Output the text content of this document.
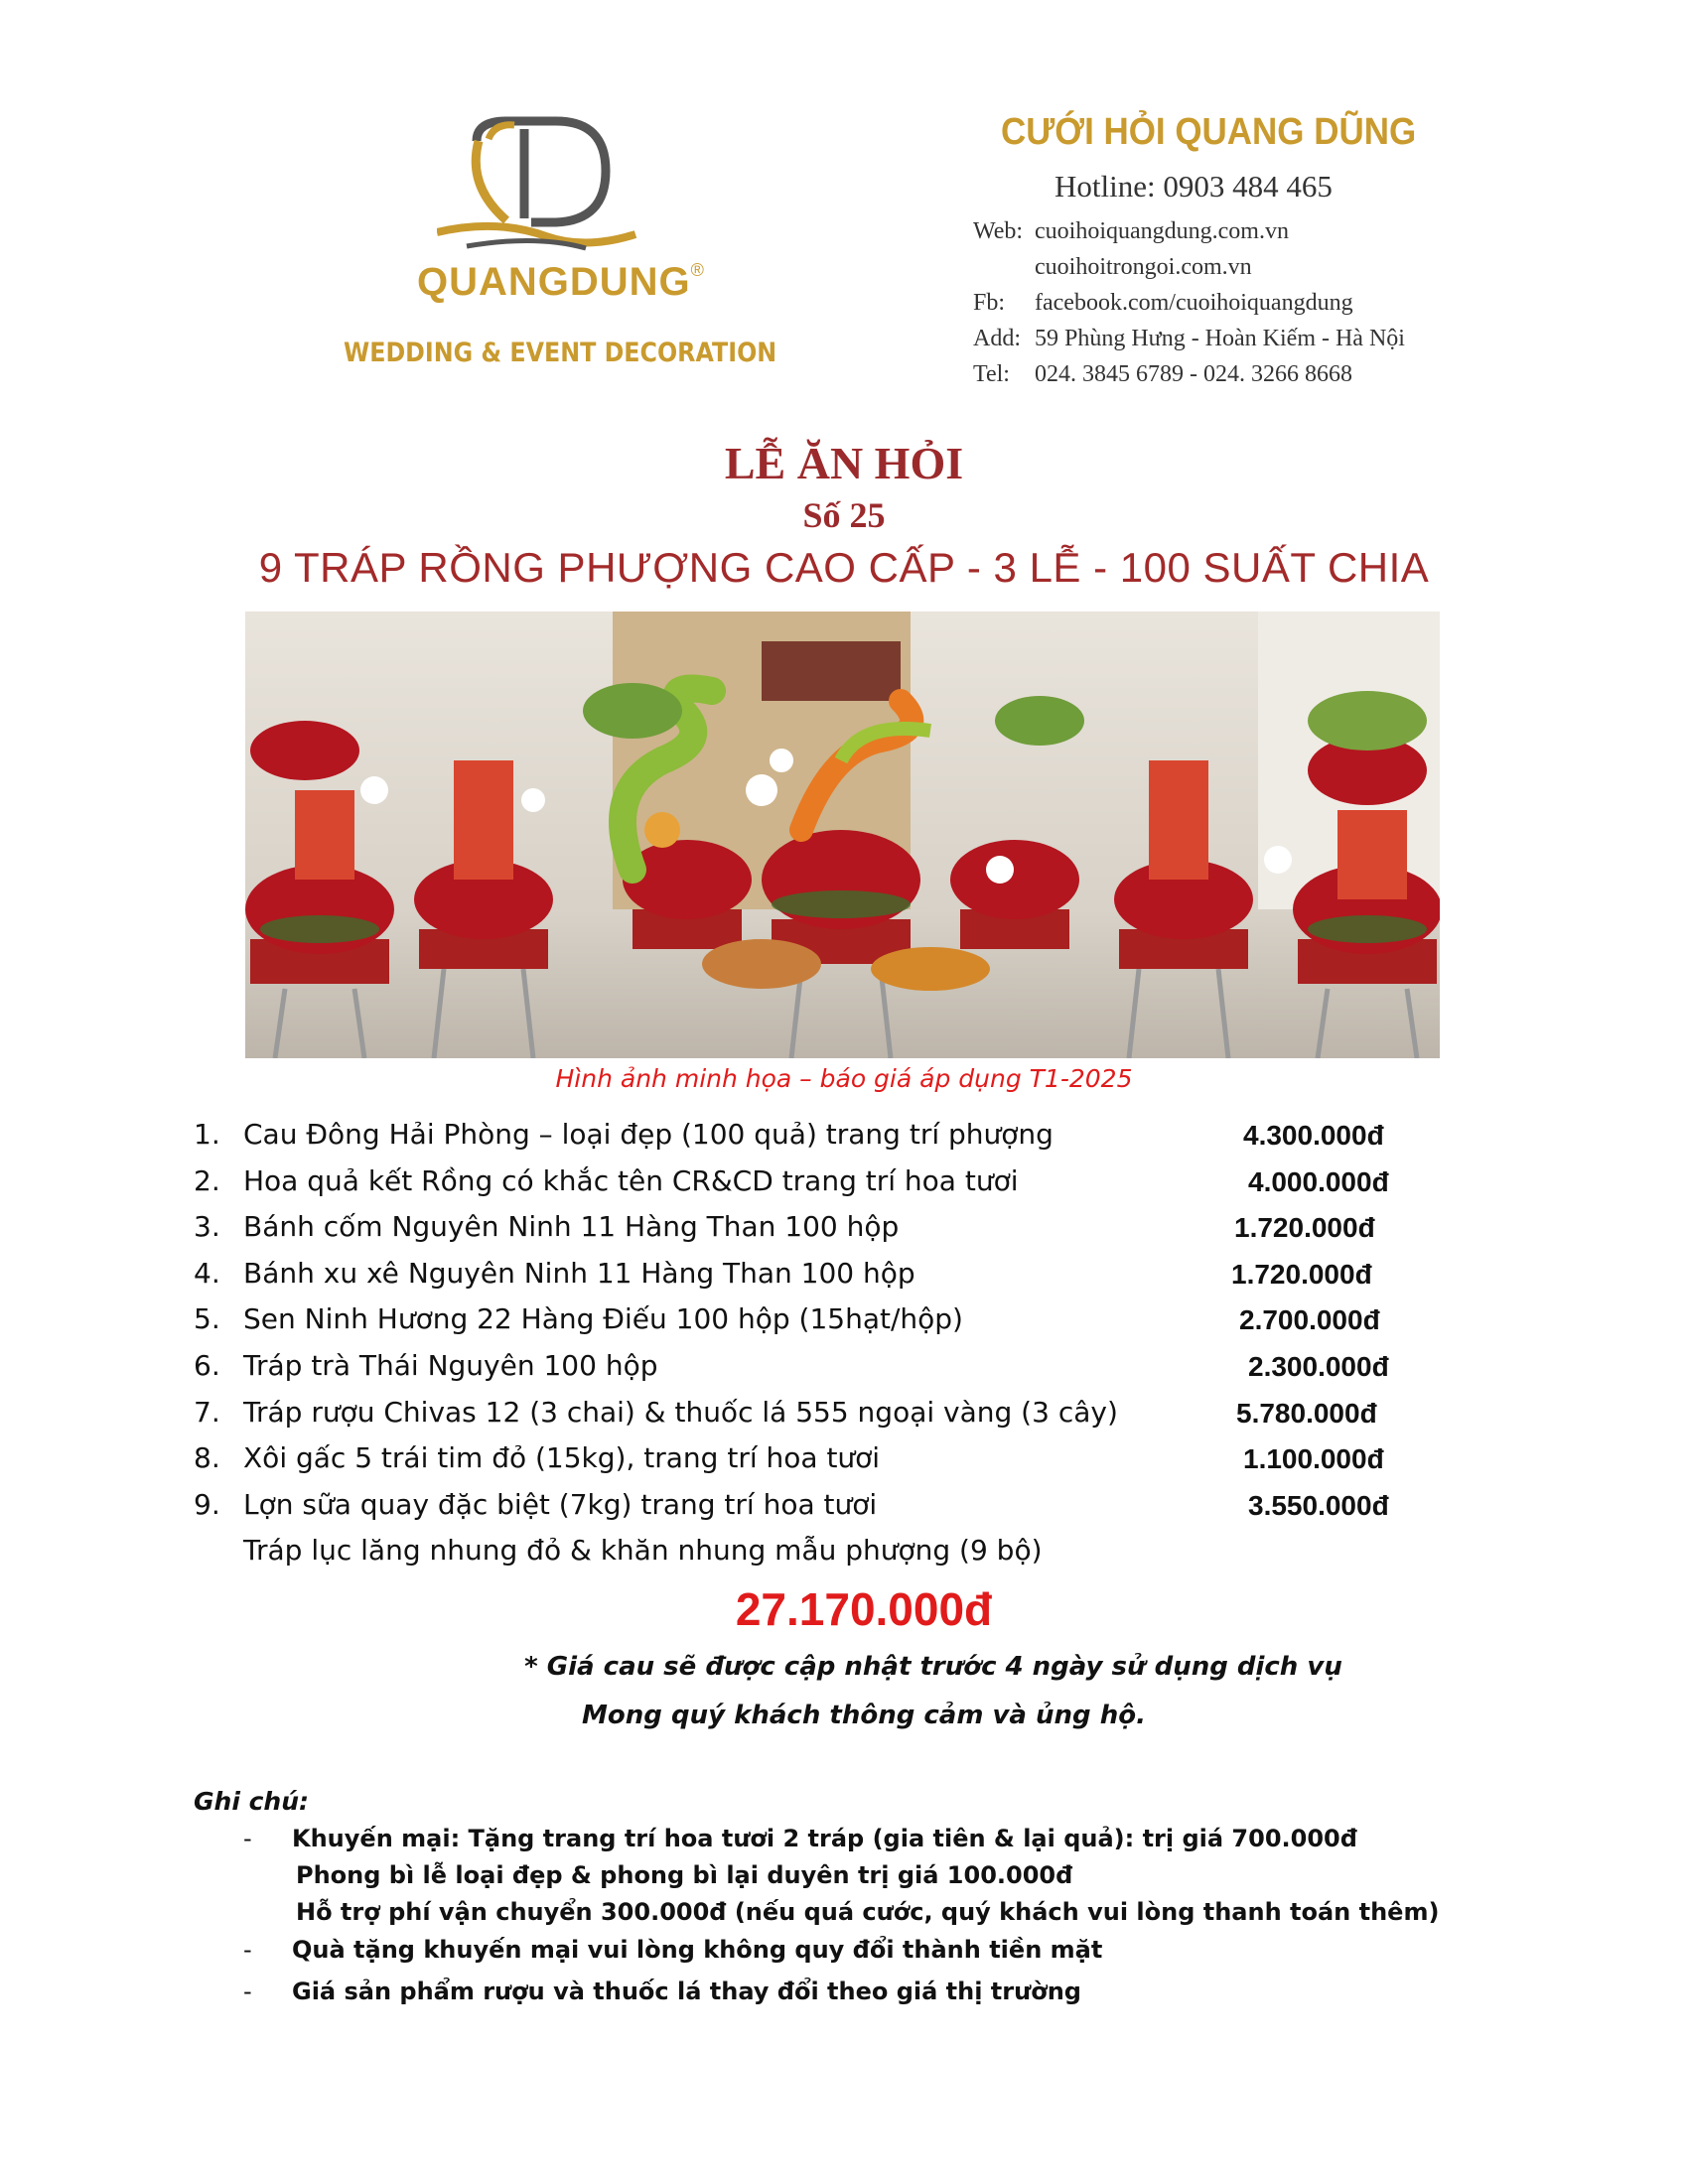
QUANGDUNG®
WEDDING & EVENT DECORATION
CƯỚI HỎI QUANG DŨNG
Hotline: 0903 484 465
Web: cuoihoiquangdung.com.vn
cuoihoitrongoi.com.vn
Fb: facebook.com/cuoihoiquangdung
Add: 59 Phùng Hưng - Hoàn Kiếm - Hà Nội
Tel: 024. 3845 6789 - 024. 3266 8668
LỄ ĂN HỎI
Số 25
9 TRÁP RỒNG PHƯỢNG CAO CẤP - 3 LỄ - 100 SUẤT CHIA
Hình ảnh minh họa – báo giá áp dụng T1-2025
1. Cau Đông Hải Phòng – loại đẹp (100 quả) trang trí phượng	4.300.000đ
2. Hoa quả kết Rồng có khắc tên CR&CD trang trí hoa tươi	4.000.000đ
3. Bánh cốm Nguyên Ninh 11 Hàng Than 100 hộp	1.720.000đ
4. Bánh xu xê Nguyên Ninh 11 Hàng Than 100 hộp	1.720.000đ
5. Sen Ninh Hương 22 Hàng Điếu 100 hộp (15hạt/hộp)	2.700.000đ
6. Tráp trà Thái Nguyên 100 hộp	2.300.000đ
7. Tráp rượu Chivas 12 (3 chai) & thuốc lá 555 ngoại vàng (3 cây)	5.780.000đ
8. Xôi gấc 5 trái tim đỏ (15kg), trang trí hoa tươi	1.100.000đ
9. Lợn sữa quay đặc biệt (7kg) trang trí hoa tươi	3.550.000đ
Tráp lục lăng nhung đỏ & khăn nhung mẫu phượng (9 bộ)
27.170.000đ
* Giá cau sẽ được cập nhật trước 4 ngày sử dụng dịch vụ
Mong quý khách thông cảm và ủng hộ.
Ghi chú:
- Khuyến mại: Tặng trang trí hoa tươi 2 tráp (gia tiên & lại quả): trị giá 700.000đ
Phong bì lễ loại đẹp & phong bì lại duyên trị giá 100.000đ
Hỗ trợ phí vận chuyển 300.000đ (nếu quá cước, quý khách vui lòng thanh toán thêm)
- Quà tặng khuyến mại vui lòng không quy đổi thành tiền mặt
- Giá sản phẩm rượu và thuốc lá thay đổi theo giá thị trường
